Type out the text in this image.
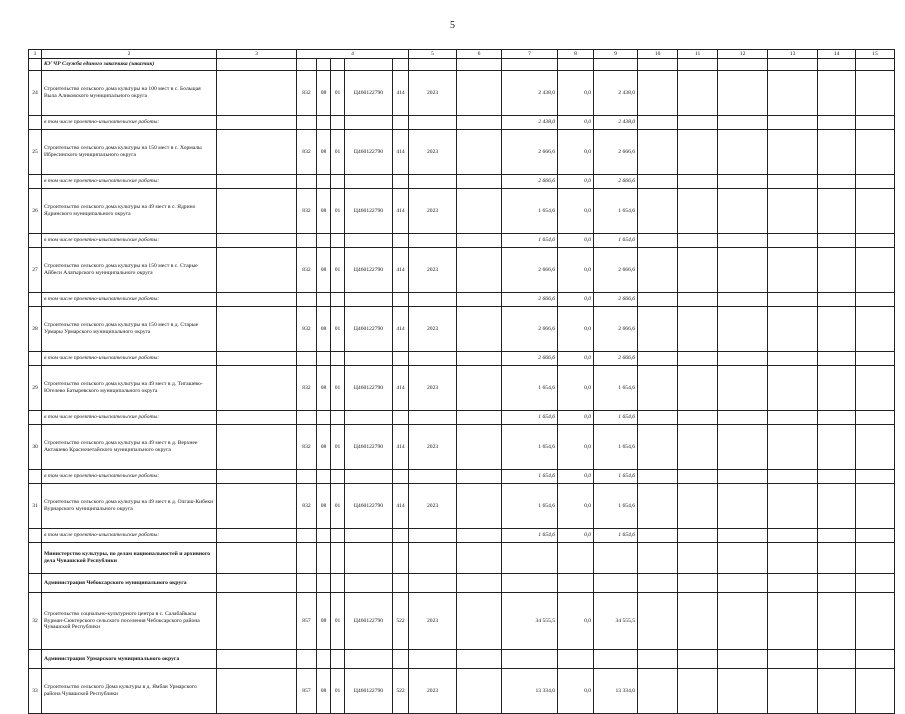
5
1	2	3	4					5	6	7	8	9	10	11	12	13	14	15
	КУ ЧР Служба единого заказчика (заказчик)																	
24	Строительство сельского дома культуры на 100 мест в с. Больщая Выла Аликовского муниципального округа		832	08	01	Ц460122790	414	2023		2 438,0	0,0	2 438,0						
	в том числе проектно-изыскательские работы:									2 438,0	0,0	2 438,0						
25	Строительство сельского дома культуры на 150 мест в с. Хормалы Ибресинского муниципального округа		832	08	01	Ц460122790	414	2023		2 666,6	0,0	2 666,6						
	в том числе проектно-изыскательские работы:									2 666,6	0,0	2 666,6						
26	Строительство сельского дома культуры на 49 мест в с. Ядрино Ядринского муниципального округа		832	08	01	Ц460122790	414	2023		1 654,6	0,0	1 654,6						
	в том числе проектно-изыскательские работы:									1 654,6	0,0	1 654,6						
27	Строительство сельского дома культуры на 150 мест в с. Старые Айбеси Алатырского муниципального округа		832	08	01	Ц460122790	414	2023		2 666,6	0,0	2 666,6						
	в том числе проектно-изыскательские работы:									2 666,6	0,0	2 666,6						
28	Строительство сельского дома культуры на 150 мест в д. Старые Урмары Урмарского муниципального округа		832	08	01	Ц460122790	414	2023		2 666,6	0,0	2 666,6						
	в том числе проектно-изыскательские работы:									2 666,6	0,0	2 666,6						
29	Строительство сельского дома культуры на 49 мест в д. Тигашево-Югелево Батыревского муниципального округа		832	08	01	Ц460122790	414	2023		1 654,6	0,0	1 654,6						
	в том числе проектно-изыскательские работы:									1 654,6	0,0	1 654,6						
30	Строительство сельского дома культуры на 49 мест в д. Верхнее Акташево Красночетайского муниципального округа		832	08	01	Ц460122790	414	2023		1 654,6	0,0	1 654,6						
	в том числе проектно-изыскательские работы:									1 654,6	0,0	1 654,6						
31	Строительство сельского дома культуры на 49 мест в д. Олгаш-Кибеки Вурнарского муниципального округа		832	08	01	Ц460122790	414	2023		1 654,6	0,0	1 654,6						
	в том числе проектно-изыскательские работы:									1 654,6	0,0	1 654,6						
	Министерство культуры, по делам национальностей и архивного дела Чувашской Республики																	
	Администрация Чебоксарского муниципального округа																	
32	Строительство социально-культурного центра в с. Салабайкасы Вурман-Сюктерского сельского поселения Чебоксарского района Чувашской Республики		857	08	01	Ц460122790	522	2023		34 555,5	0,0	34 555,5						
	Администрация Урмарского муниципального округа																	
33	Строительство сельского Дома культуры в д. Ямбаи Урмарского района Чувашской Республики		857	08	01	Ц460122790	522	2023		13 334,0	0,0	13 334,0						
